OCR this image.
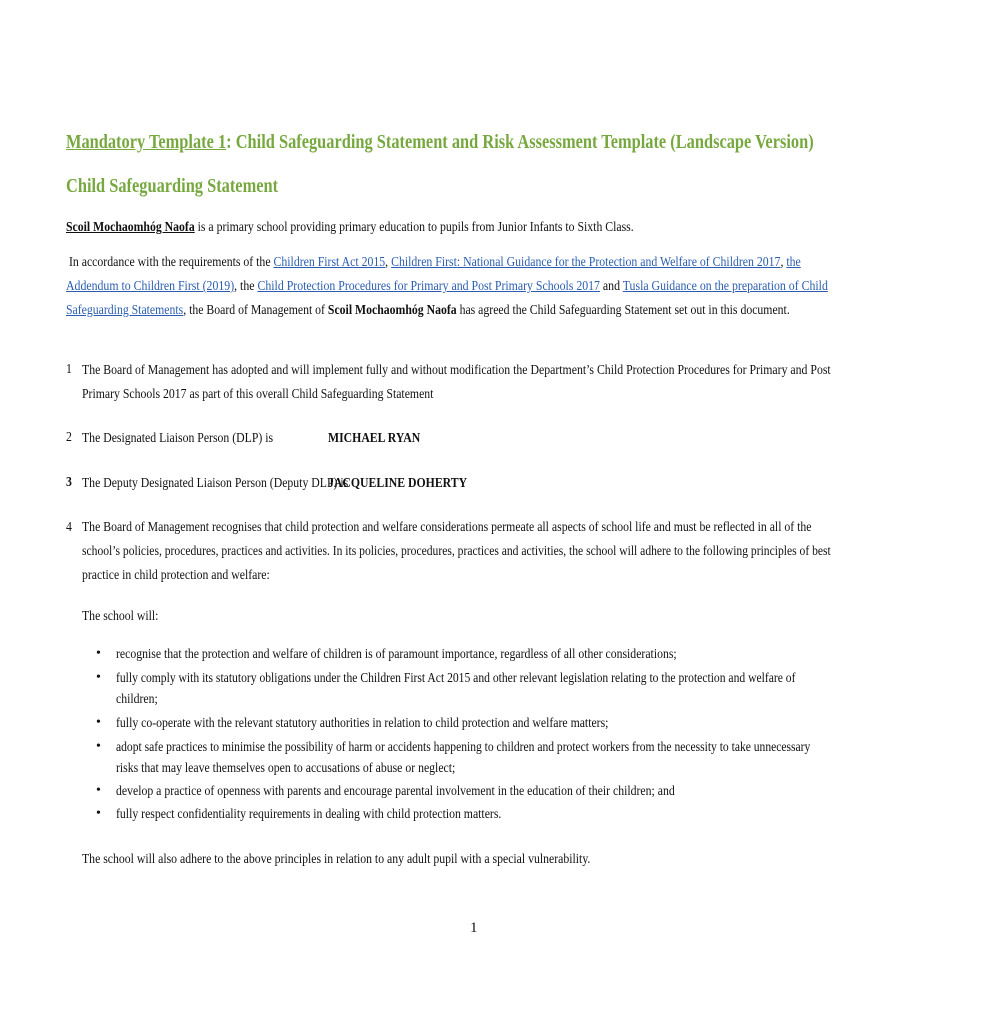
Mandatory Template 1: Child Safeguarding Statement and Risk Assessment Template (Landscape Version)
Child Safeguarding Statement
Scoil Mochaomhóg Naofa is a primary school providing primary education to pupils from Junior Infants to Sixth Class.
In accordance with the requirements of the Children First Act 2015, Children First: National Guidance for the Protection and Welfare of Children 2017, the
Addendum to Children First (2019), the Child Protection Procedures for Primary and Post Primary Schools 2017 and Tusla Guidance on the preparation of Child
Safeguarding Statements, the Board of Management of Scoil Mochaomhóg Naofa has agreed the Child Safeguarding Statement set out in this document.
1 The Board of Management has adopted and will implement fully and without modification the Department’s Child Protection Procedures for Primary and Post
Primary Schools 2017 as part of this overall Child Safeguarding Statement
2 The Designated Liaison Person (DLP) is	MICHAEL RYAN
3 The Deputy Designated Liaison Person (Deputy DLP) is
JACQUELINE DOHERTY
4 The Board of Management recognises that child protection and welfare considerations permeate all aspects of school life and must be reflected in all of the
school’s policies, procedures, practices and activities. In its policies, procedures, practices and activities, the school will adhere to the following principles of best
practice in child protection and welfare:
The school will:
• recognise that the protection and welfare of children is of paramount importance, regardless of all other considerations;
• fully comply with its statutory obligations under the Children First Act 2015 and other relevant legislation relating to the protection and welfare of
children;
• fully co-operate with the relevant statutory authorities in relation to child protection and welfare matters;
• adopt safe practices to minimise the possibility of harm or accidents happening to children and protect workers from the necessity to take unnecessary
risks that may leave themselves open to accusations of abuse or neglect;
• develop a practice of openness with parents and encourage parental involvement in the education of their children; and
• fully respect confidentiality requirements in dealing with child protection matters.
The school will also adhere to the above principles in relation to any adult pupil with a special vulnerability.
1
